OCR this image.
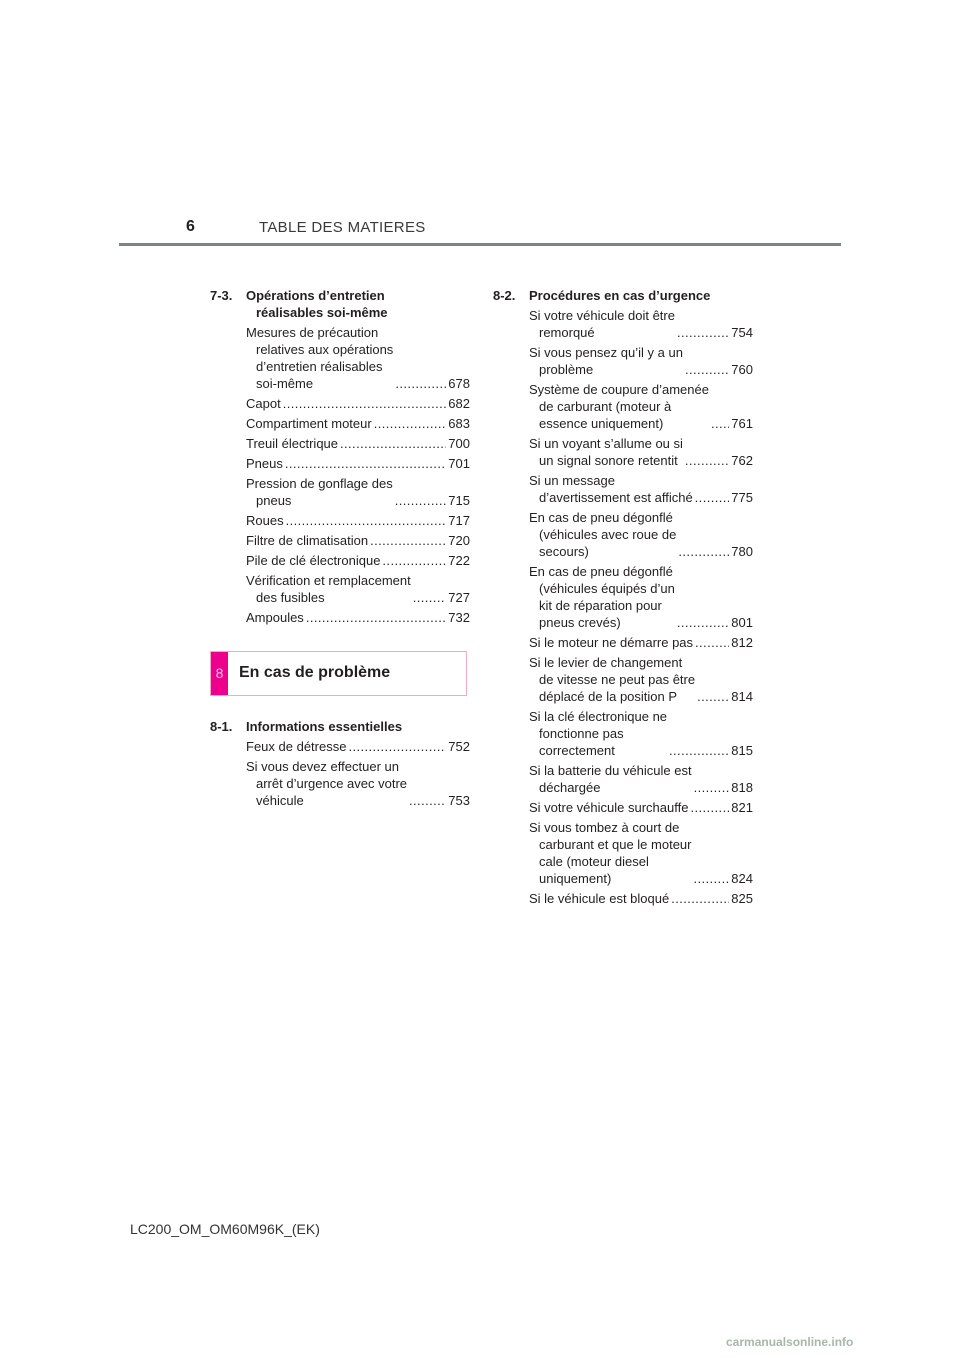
6	TABLE DES MATIERES
7-3.	Opérations d’entretien
réalisables soi-même
Mesures de précaution
relatives aux opérations
d’entretien réalisables
soi-même .....	678
Capot .....	682
Compartiment moteur .....	683
Treuil électrique .....	700
Pneus .....	701
Pression de gonflage des
pneus .....	715
Roues .....	717
Filtre de climatisation .....	720
Pile de clé électronique .....	722
Vérification et remplacement
des fusibles .....	727
Ampoules .....	732
8 En cas de problème
8-1.	Informations essentielles
Feux de détresse .....	752
Si vous devez effectuer un
arrêt d’urgence avec votre
véhicule .....	753
8-2.	Procédures en cas d’urgence
Si votre véhicule doit être
remorqué .....	754
Si vous pensez qu’il y a un
problème .....	760
Système de coupure d’amenée
de carburant (moteur à
essence uniquement) .....	761
Si un voyant s’allume ou si
un signal sonore retentit .....	762
Si un message
d’avertissement est affiché .....	775
En cas de pneu dégonflé
(véhicules avec roue de
secours) .....	780
En cas de pneu dégonflé
(véhicules équipés d’un
kit de réparation pour
pneus crevés) .....	801
Si le moteur ne démarre pas .....	812
Si le levier de changement
de vitesse ne peut pas être
déplacé de la position P .....	814
Si la clé électronique ne
fonctionne pas
correctement .....	815
Si la batterie du véhicule est
déchargée .....	818
Si votre véhicule surchauffe .....	821
Si vous tombez à court de
carburant et que le moteur
cale (moteur diesel
uniquement) .....	824
Si le véhicule est bloqué .....	825
LC200_OM_OM60M96K_(EK)
carmanualsonline.info
